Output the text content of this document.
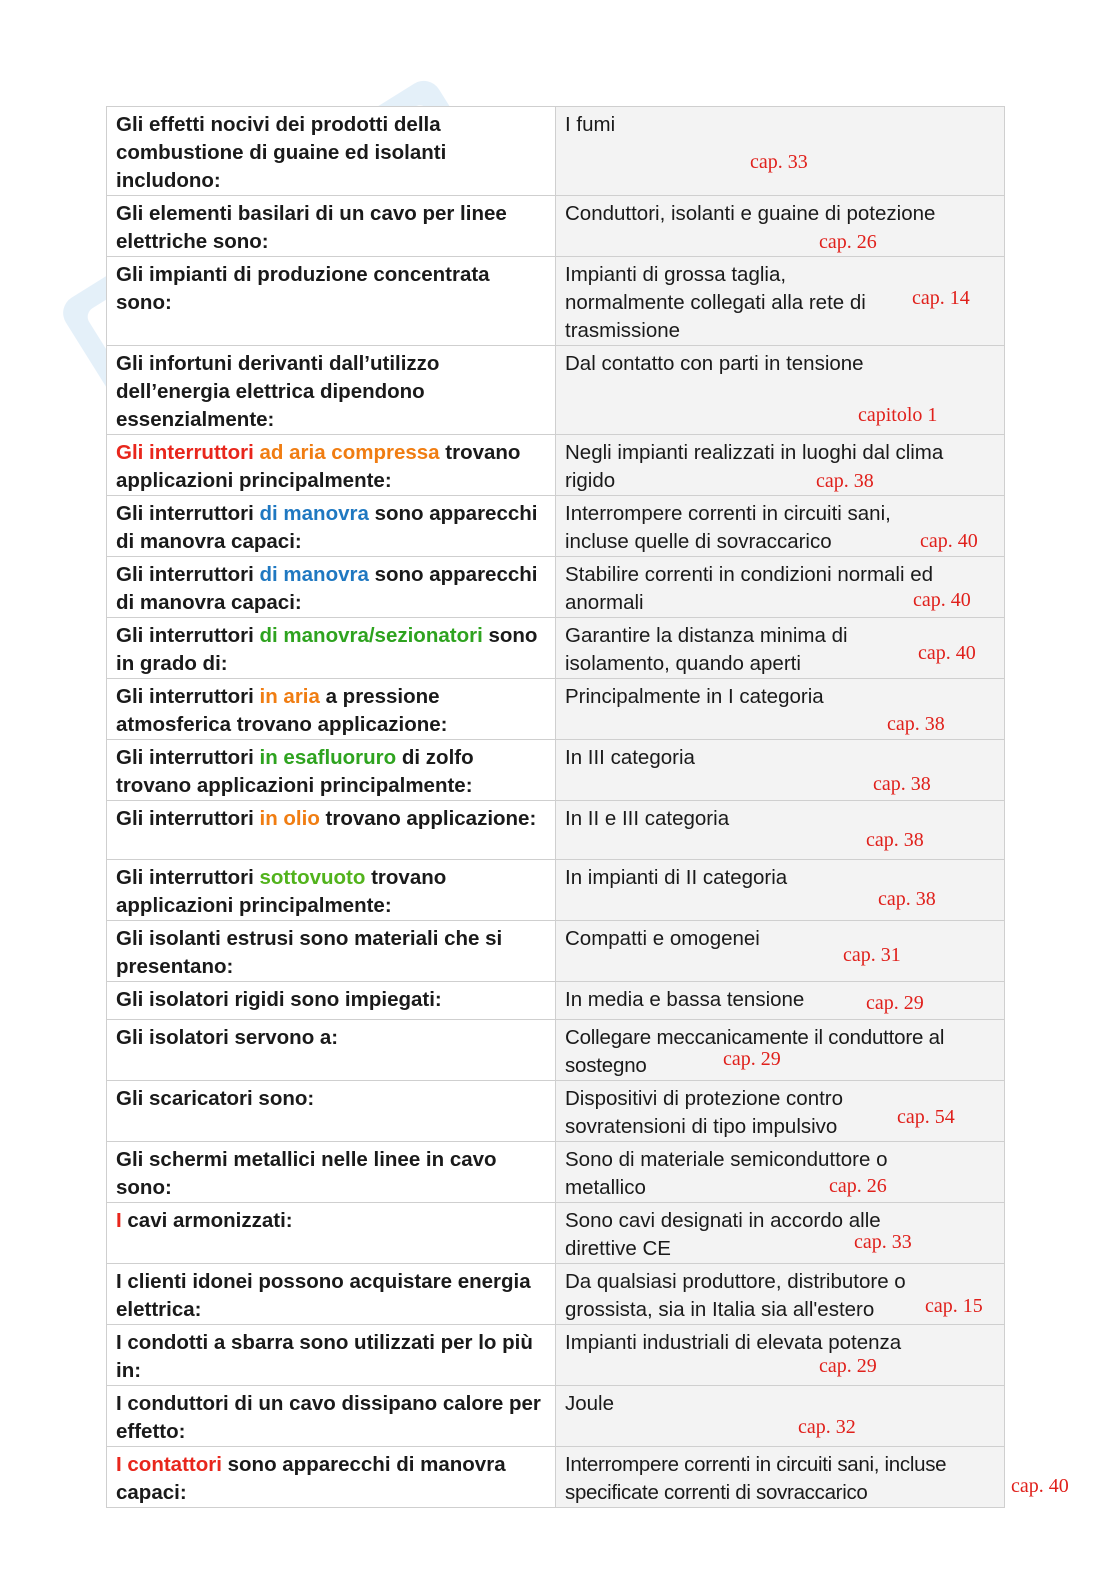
Gli effetti nocivi dei prodotti della combustione di guaine ed isolanti includono:	I fumi
cap. 33

Gli elementi basilari di un cavo per linee elettriche sono:	Conduttori, isolanti e guaine di potezione
cap. 26

Gli impianti di produzione concentrata sono:	Impianti di grossa taglia, normalmente collegati alla rete di trasmissione
cap. 14

Gli infortuni derivanti dall’utilizzo dell’energia elettrica dipendono essenzialmente:	Dal contatto con parti in tensione
capitolo 1

Gli interruttori ad aria compressa trovano applicazioni principalmente:	Negli impianti realizzati in luoghi dal clima rigido cap. 38

Gli interruttori di manovra sono apparecchi di manovra capaci:	Interrompere correnti in circuiti sani, incluse quelle di sovraccarico cap. 40

Gli interruttori di manovra sono apparecchi di manovra capaci:	Stabilire correnti in condizioni normali ed anormali cap. 40

Gli interruttori di manovra/sezionatori sono in grado di:	Garantire la distanza minima di isolamento, quando aperti cap. 40

Gli interruttori in aria a pressione atmosferica trovano applicazione:	Principalmente in I categoria
cap. 38

Gli interruttori in esafluoruro di zolfo trovano applicazioni principalmente:	In III categoria
cap. 38

Gli interruttori in olio trovano applicazione:	In II e III categoria
cap. 38

Gli interruttori sottovuoto trovano applicazioni principalmente:	In impianti di II categoria
cap. 38

Gli isolanti estrusi sono materiali che si presentano:	Compatti e omogenei
cap. 31

Gli isolatori rigidi sono impiegati:	In media e bassa tensione cap. 29

Gli isolatori servono a:	Collegare meccanicamente il conduttore al sostegno cap. 29

Gli scaricatori sono:	Dispositivi di protezione contro sovratensioni di tipo impulsivo cap. 54

Gli schermi metallici nelle linee in cavo sono:	Sono di materiale semiconduttore o metallico cap. 26

I cavi armonizzati:	Sono cavi designati in accordo alle direttive CE cap. 33

I clienti idonei possono acquistare energia elettrica:	Da qualsiasi produttore, distributore o grossista, sia in Italia sia all'estero cap. 15

I condotti a sbarra sono utilizzati per lo più in:	Impianti industriali di elevata potenza
cap. 29

I conduttori di un cavo dissipano calore per effetto:	Joule
cap. 32

I contattori sono apparecchi di manovra capaci:	Interrompere correnti in circuiti sani, incluse specificate correnti di sovraccarico cap. 40
